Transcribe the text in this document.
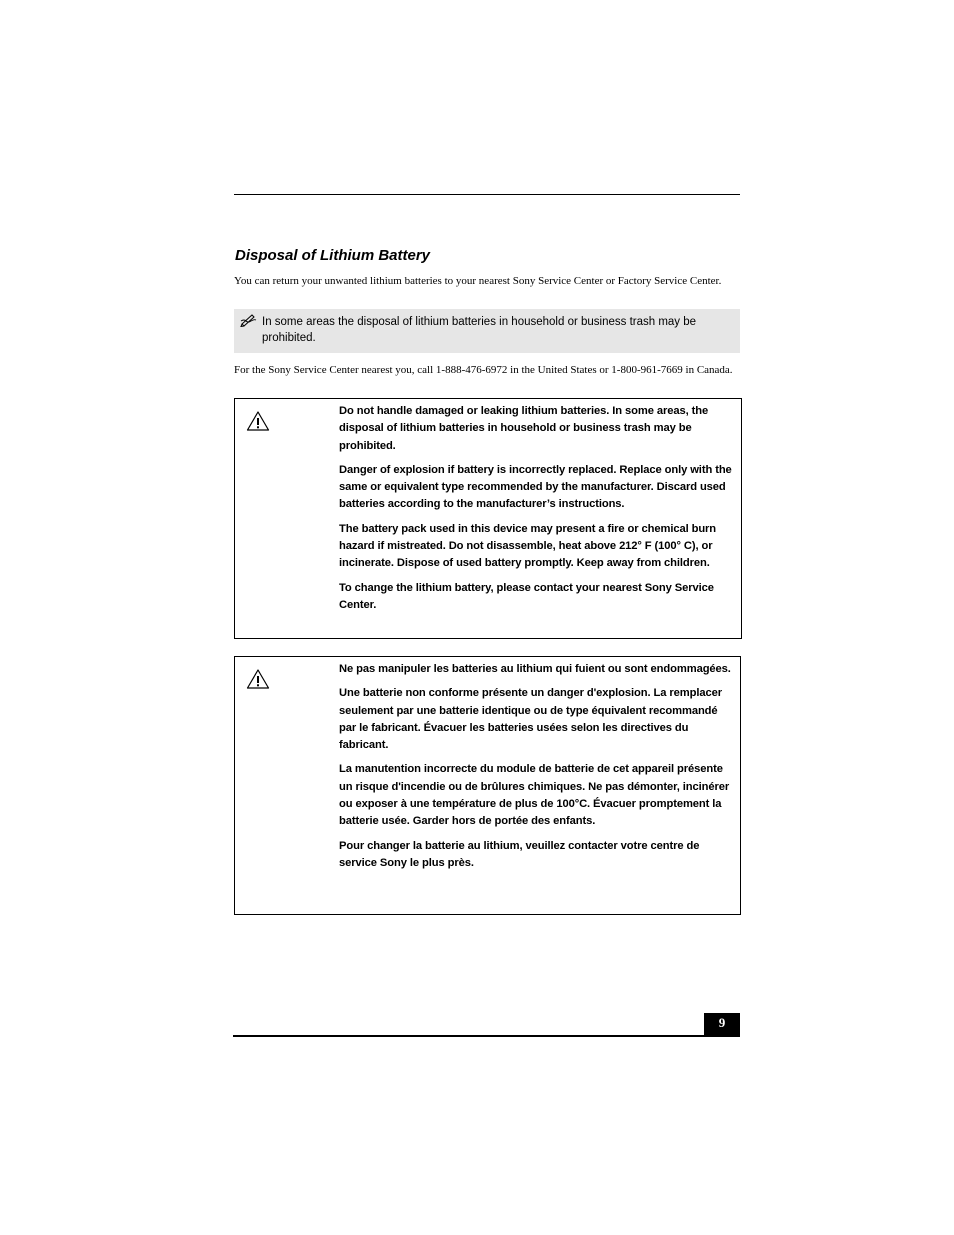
Disposal of Lithium Battery

You can return your unwanted lithium batteries to your nearest Sony Service Center or Factory Service Center.

In some areas the disposal of lithium batteries in household or business trash may be prohibited.

For the Sony Service Center nearest you, call 1-888-476-6972 in the United States or 1-800-961-7669 in Canada.

Do not handle damaged or leaking lithium batteries. In some areas, the disposal of lithium batteries in household or business trash may be prohibited.

Danger of explosion if battery is incorrectly replaced. Replace only with the same or equivalent type recommended by the manufacturer. Discard used batteries according to the manufacturer’s instructions.

The battery pack used in this device may present a fire or chemical burn hazard if mistreated. Do not disassemble, heat above 212° F (100° C), or incinerate. Dispose of used battery promptly. Keep away from children.

To change the lithium battery, please contact your nearest Sony Service Center.

Ne pas manipuler les batteries au lithium qui fuient ou sont endommagées.

Une batterie non conforme présente un danger d'explosion. La remplacer seulement par une batterie identique ou de type équivalent recommandé par le fabricant. Évacuer les batteries usées selon les directives du fabricant.

La manutention incorrecte du module de batterie de cet appareil présente un risque d'incendie ou de brûlures chimiques. Ne pas démonter, incinérer ou exposer à une température de plus de 100°C. Évacuer promptement la batterie usée. Garder hors de portée des enfants.

Pour changer la batterie au lithium, veuillez contacter votre centre de service Sony le plus près.

9
